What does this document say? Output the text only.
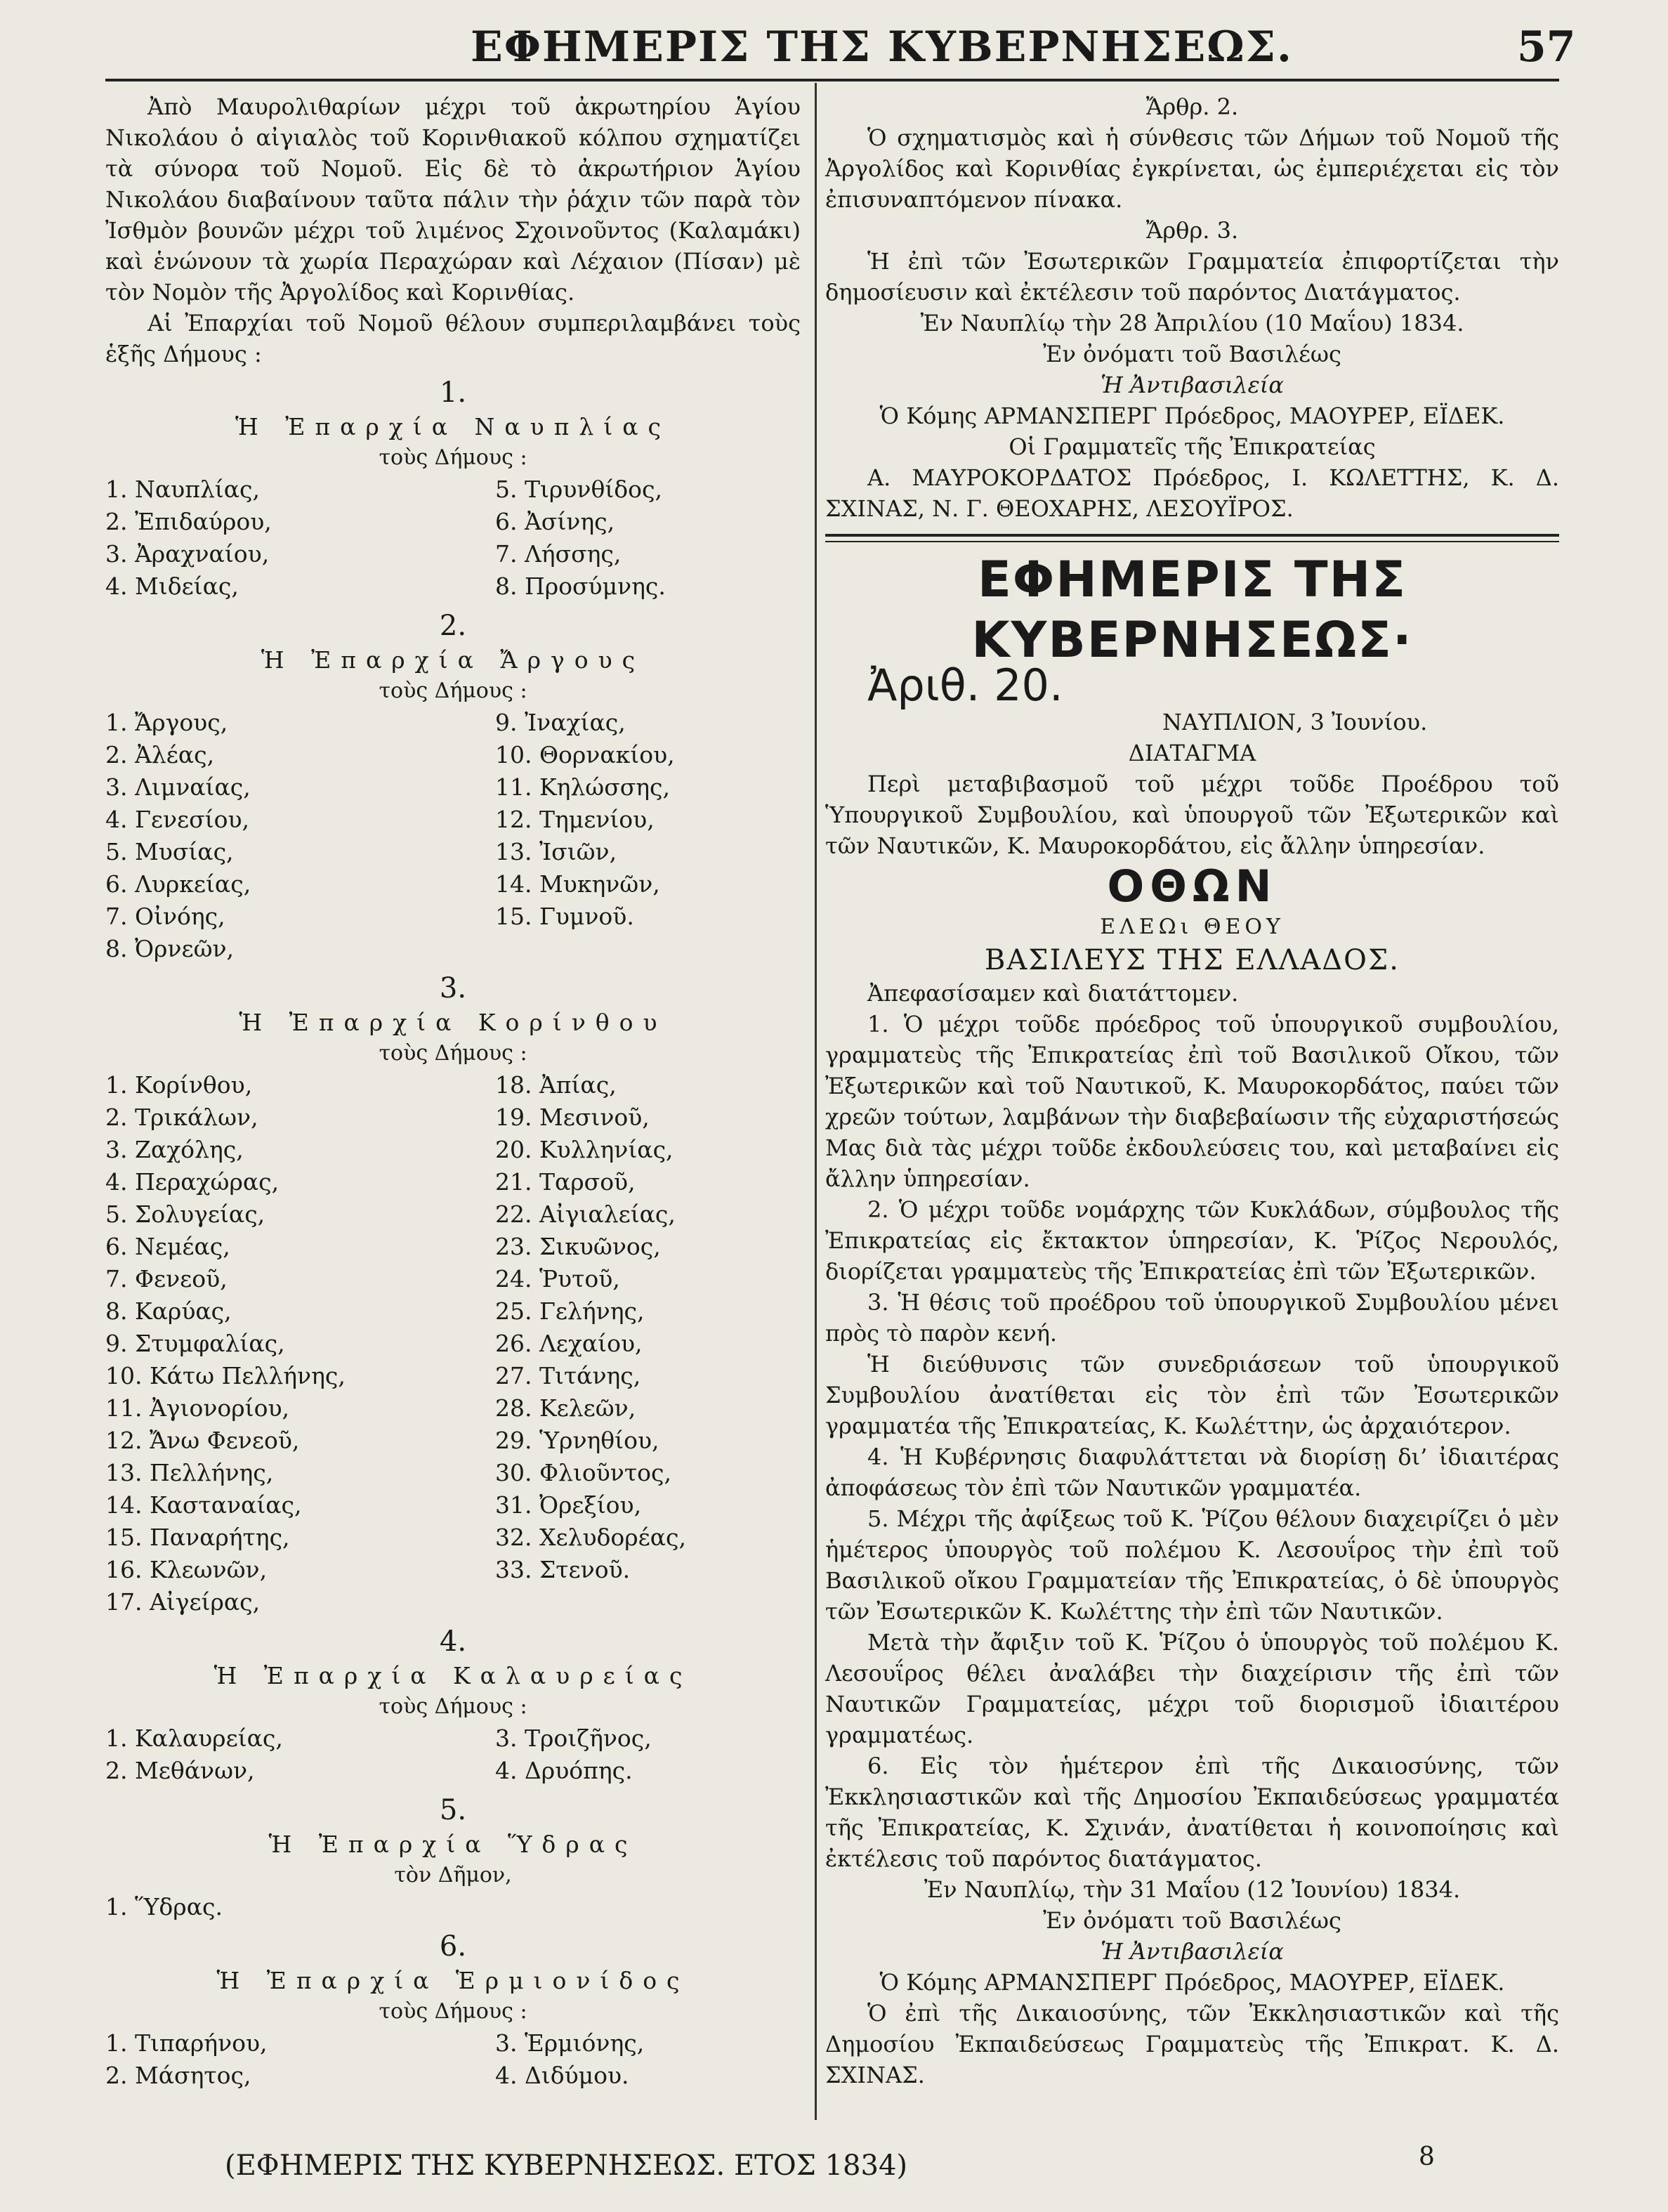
ΕΦΗΜΕΡΙΣ ΤΗΣ ΚΥΒΕΡΝΗΣΕΩΣ.	57

Ἀπὸ Μαυρολιθαρίων μέχρι τοῦ ἀκρωτηρίου Ἁγίου Νικολάου ὁ αἰγιαλὸς τοῦ Κορινθιακοῦ κόλπου σχηματίζει τὰ σύνορα τοῦ Νομοῦ. Εἰς δὲ τὸ ἀκρωτήριον Ἁγίου Νικολάου διαβαίνουν ταῦτα πάλιν τὴν ῥάχιν τῶν παρὰ τὸν Ἰσθμὸν βουνῶν μέχρι τοῦ λιμένος Σχοινοῦντος (Καλαμάκι) καὶ ἑνώνουν τὰ χωρία Περαχώραν καὶ Λέχαιον (Πίσαν) μὲ τὸν Νομὸν τῆς Ἀργολίδος καὶ Κορινθίας.

Αἱ Ἐπαρχίαι τοῦ Νομοῦ θέλουν συμπεριλαμβάνει τοὺς ἑξῆς Δήμους :

1.
Ἡ Ἐπαρχία Ναυπλίας
τοὺς Δήμους :
1. Ναυπλίας,	5. Τιρυνθίδος,
2. Ἐπιδαύρου,	6. Ἀσίνης,
3. Ἀραχναίου,	7. Λήσσης,
4. Μιδείας,	8. Προσύμνης.
2.
Ἡ Ἐπαρχία Ἄργους
τοὺς Δήμους :
1. Ἄργους,	9. Ἰναχίας,
2. Ἀλέας,	10. Θορνακίου,
3. Λιμναίας,	11. Κηλώσσης,
4. Γενεσίου,	12. Τημενίου,
5. Μυσίας,	13. Ἰσιῶν,
6. Λυρκείας,	14. Μυκηνῶν,
7. Οἰνόης,	15. Γυμνοῦ.
8. Ὀρνεῶν,	
3.
Ἡ Ἐπαρχία Κορίνθου
τοὺς Δήμους :
1. Κορίνθου,	18. Ἀπίας,
2. Τρικάλων,	19. Μεσινοῦ,
3. Ζαχόλης,	20. Κυλληνίας,
4. Περαχώρας,	21. Ταρσοῦ,
5. Σολυγείας,	22. Αἰγιαλείας,
6. Νεμέας,	23. Σικυῶνος,
7. Φενεοῦ,	24. Ῥυτοῦ,
8. Καρύας,	25. Γελήνης,
9. Στυμφαλίας,	26. Λεχαίου,
10. Κάτω Πελλήνης,	27. Τιτάνης,
11. Ἀγιονορίου,	28. Κελεῶν,
12. Ἄνω Φενεοῦ,	29. Ὑρνηθίου,
13. Πελλήνης,	30. Φλιοῦντος,
14. Κασταναίας,	31. Ὀρεξίου,
15. Παναρήτης,	32. Χελυδορέας,
16. Κλεωνῶν,	33. Στενοῦ.
17. Αἰγείρας,	
4.
Ἡ Ἐπαρχία Καλαυρείας
τοὺς Δήμους :
1. Καλαυρείας,	3. Τροιζῆνος,
2. Μεθάνων,	4. Δρυόπης.
5.
Ἡ Ἐπαρχία Ὕδρας
τὸν Δῆμον,
1. Ὕδρας.	
6.
Ἡ Ἐπαρχία Ἑρμιονίδος
τοὺς Δήμους :
1. Τιπαρήνου,	3. Ἑρμιόνης,
2. Μάσητος,	4. Διδύμου.

Ἄρθρ. 2.

Ὁ σχηματισμὸς καὶ ἡ σύνθεσις τῶν Δήμων τοῦ Νομοῦ τῆς Ἀργολίδος καὶ Κορινθίας ἐγκρίνεται, ὡς ἐμπεριέχεται εἰς τὸν ἐπισυναπτόμενον πίνακα.

Ἄρθρ. 3.

Ἡ ἐπὶ τῶν Ἐσωτερικῶν Γραμματεία ἐπιφορτίζεται τὴν δημοσίευσιν καὶ ἐκτέλεσιν τοῦ παρόντος Διατάγματος.

Ἐν Ναυπλίῳ τὴν 28 Ἀπριλίου (10 Μαΐου) 1834.

Ἐν ὀνόματι τοῦ Βασιλέως

Ἡ Ἀντιβασιλεία

Ὁ Κόμης ΑΡΜΑΝΣΠΕΡΓ Πρόεδρος, ΜΑΟΥΡΕΡ, ΕΪΔΕΚ.

Οἱ Γραμματεῖς τῆς Ἐπικρατείας

Α. ΜΑΥΡΟΚΟΡΔΑΤΟΣ Πρόεδρος, Ι. ΚΩΛΕΤΤΗΣ, Κ. Δ. ΣΧΙΝΑΣ, Ν. Γ. ΘΕΟΧΑΡΗΣ, ΛΕΣΟΥΪΡΟΣ.

ΕΦΗΜΕΡΙΣ ΤΗΣ ΚΥΒΕΡΝΗΣΕΩΣ·
Ἀριθ. 20.
ΝΑΥΠΛΙΟΝ, 3 Ἰουνίου.

ΔΙΑΤΑΓΜΑ

Περὶ μεταβιβασμοῦ τοῦ μέχρι τοῦδε Προέδρου τοῦ Ὑπουργικοῦ Συμβουλίου, καὶ ὑπουργοῦ τῶν Ἐξωτερικῶν καὶ τῶν Ναυτικῶν, Κ. Μαυροκορδάτου, εἰς ἄλλην ὑπηρεσίαν.

ΟΘΩΝ
ΕΛΕΩι ΘΕΟΥ
ΒΑΣΙΛΕΥΣ ΤΗΣ ΕΛΛΑΔΟΣ.

Ἀπεφασίσαμεν καὶ διατάττομεν.

1. Ὁ μέχρι τοῦδε πρόεδρος τοῦ ὑπουργικοῦ συμβουλίου, γραμματεὺς τῆς Ἐπικρατείας ἐπὶ τοῦ Βασιλικοῦ Οἴκου, τῶν Ἐξωτερικῶν καὶ τοῦ Ναυτικοῦ, Κ. Μαυροκορδάτος, παύει τῶν χρεῶν τούτων, λαμβάνων τὴν διαβεβαίωσιν τῆς εὐχαριστήσεώς Μας διὰ τὰς μέχρι τοῦδε ἐκδουλεύσεις του, καὶ μεταβαίνει εἰς ἄλλην ὑπηρεσίαν.

2. Ὁ μέχρι τοῦδε νομάρχης τῶν Κυκλάδων, σύμβουλος τῆς Ἐπικρατείας εἰς ἔκτακτον ὑπηρεσίαν, Κ. Ῥίζος Νερουλός, διορίζεται γραμματεὺς τῆς Ἐπικρατείας ἐπὶ τῶν Ἐξωτερικῶν.

3. Ἡ θέσις τοῦ προέδρου τοῦ ὑπουργικοῦ Συμβουλίου μένει πρὸς τὸ παρὸν κενή.

Ἡ διεύθυνσις τῶν συνεδριάσεων τοῦ ὑπουργικοῦ Συμβουλίου ἀνατίθεται εἰς τὸν ἐπὶ τῶν Ἐσωτερικῶν γραμματέα τῆς Ἐπικρατείας, Κ. Κωλέττην, ὡς ἀρχαιότερον.

4. Ἡ Κυβέρνησις διαφυλάττεται νὰ διορίσῃ δι’ ἰδιαιτέρας ἀποφάσεως τὸν ἐπὶ τῶν Ναυτικῶν γραμματέα.

5. Μέχρι τῆς ἀφίξεως τοῦ Κ. Ῥίζου θέλουν διαχειρίζει ὁ μὲν ἡμέτερος ὑπουργὸς τοῦ πολέμου Κ. Λεσουΐρος τὴν ἐπὶ τοῦ Βασιλικοῦ οἴκου Γραμματείαν τῆς Ἐπικρατείας, ὁ δὲ ὑπουργὸς τῶν Ἐσωτερικῶν Κ. Κωλέττης τὴν ἐπὶ τῶν Ναυτικῶν.

Μετὰ τὴν ἄφιξιν τοῦ Κ. Ῥίζου ὁ ὑπουργὸς τοῦ πολέμου Κ. Λεσουΐρος θέλει ἀναλάβει τὴν διαχείρισιν τῆς ἐπὶ τῶν Ναυτικῶν Γραμματείας, μέχρι τοῦ διορισμοῦ ἰδιαιτέρου γραμματέως.

6. Εἰς τὸν ἡμέτερον ἐπὶ τῆς Δικαιοσύνης, τῶν Ἐκκλησιαστικῶν καὶ τῆς Δημοσίου Ἐκπαιδεύσεως γραμματέα τῆς Ἐπικρατείας, Κ. Σχινάν, ἀνατίθεται ἡ κοινοποίησις καὶ ἐκτέλεσις τοῦ παρόντος διατάγματος.

Ἐν Ναυπλίῳ, τὴν 31 Μαΐου (12 Ἰουνίου) 1834.

Ἐν ὀνόματι τοῦ Βασιλέως

Ἡ Ἀντιβασιλεία

Ὁ Κόμης ΑΡΜΑΝΣΠΕΡΓ Πρόεδρος, ΜΑΟΥΡΕΡ, ΕΪΔΕΚ.

Ὁ ἐπὶ τῆς Δικαιοσύνης, τῶν Ἐκκλησιαστικῶν καὶ τῆς Δημοσίου Ἐκπαιδεύσεως Γραμματεὺς τῆς Ἐπικρατ. Κ. Δ. ΣΧΙΝΑΣ.

(ΕΦΗΜΕΡΙΣ ΤΗΣ ΚΥΒΕΡΝΗΣΕΩΣ. ΕΤΟΣ 1834)	8
